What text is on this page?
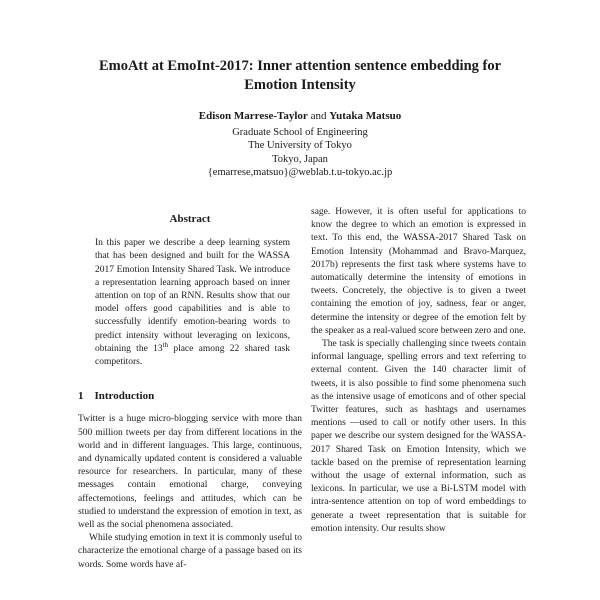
EmoAtt at EmoInt-2017: Inner attention sentence embedding for
Emotion Intensity
Edison Marrese-Taylor and Yutaka Matsuo
Graduate School of Engineering
The University of Tokyo
Tokyo, Japan
{emarrese,matsuo}@weblab.t.u-tokyo.ac.jp
Abstract
In this paper we describe a deep learning system that has been designed and built for the WASSA 2017 Emotion Intensity Shared Task. We introduce a representation learning approach based on inner attention on top of an RNN. Results show that our model offers good capabilities and is able to successfully identify emotion-bearing words to predict intensity without leveraging on lexicons, obtaining the 13th place among 22 shared task competitors.
1 Introduction

Twitter is a huge micro-blogging service with more than 500 million tweets per day from different locations in the world and in different languages. This large, continuous, and dynamically updated content is considered a valuable resource for researchers. In particular, many of these messages contain emotional charge, conveying affectemotions, feelings and attitudes, which can be studied to understand the expression of emotion in text, as well as the social phenomena associated.

While studying emotion in text it is commonly useful to characterize the emotional charge of a passage based on its words. Some words have af-

sage. However, it is often useful for applications to know the degree to which an emotion is expressed in text. To this end, the WASSA-2017 Shared Task on Emotion Intensity (Mohammad and Bravo-Marquez, 2017b) represents the first task where systems have to automatically determine the intensity of emotions in tweets. Concretely, the objective is to given a tweet containing the emotion of joy, sadness, fear or anger, determine the intensity or degree of the emotion felt by the speaker as a real-valued score between zero and one.

The task is specially challenging since tweets contain informal language, spelling errors and text referring to external content. Given the 140 character limit of tweets, it is also possible to find some phenomena such as the intensive usage of emoticons and of other special Twitter features, such as hashtags and usernames mentions —used to call or notify other users. In this paper we describe our system designed for the WASSA-2017 Shared Task on Emotion Intensity, which we tackle based on the premise of representation learning without the usage of external information, such as lexicons. In particular, we use a Bi-LSTM model with intra-sentence attention on top of word embeddings to generate a tweet representation that is suitable for emotion intensity. Our results show
